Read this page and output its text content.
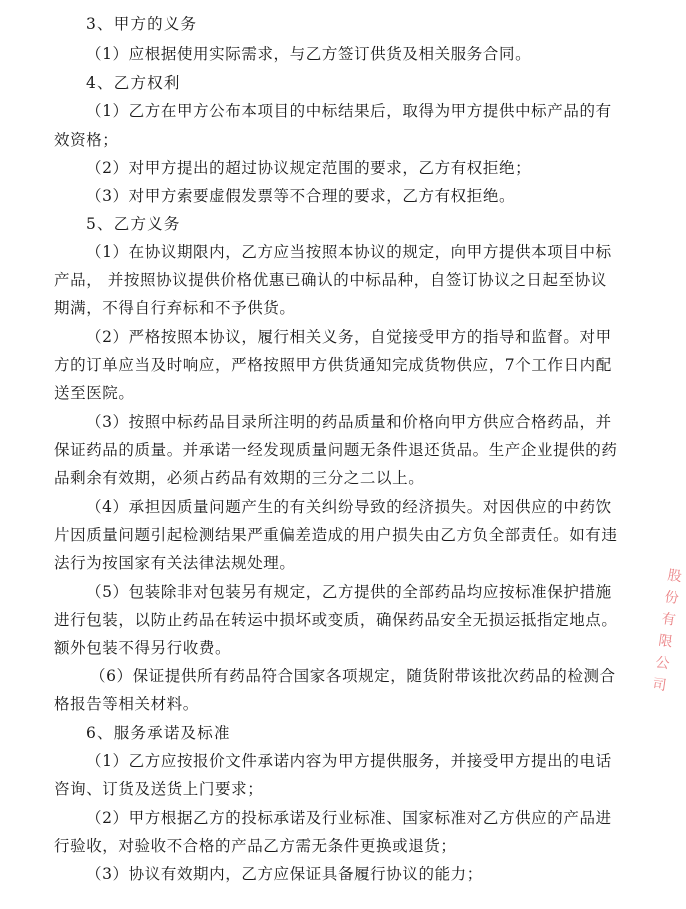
3、甲方的义务
（1）应根据使用实际需求，与乙方签订供货及相关服务合同。
4、乙方权利
（1）乙方在甲方公布本项目的中标结果后，取得为甲方提供中标产品的有
效资格；
（2）对甲方提出的超过协议规定范围的要求，乙方有权拒绝；
（3）对甲方索要虚假发票等不合理的要求，乙方有权拒绝。
5、乙方义务
（1）在协议期限内，乙方应当按照本协议的规定，向甲方提供本项目中标
产品， 并按照协议提供价格优惠已确认的中标品种，自签订协议之日起至协议
期满，不得自行弃标和不予供货。
（2）严格按照本协议，履行相关义务，自觉接受甲方的指导和监督。对甲
方的订单应当及时响应，严格按照甲方供货通知完成货物供应，7个工作日内配
送至医院。
（3）按照中标药品目录所注明的药品质量和价格向甲方供应合格药品，并
保证药品的质量。并承诺一经发现质量问题无条件退还货品。生产企业提供的药
品剩余有效期，必须占药品有效期的三分之二以上。
（4）承担因质量问题产生的有关纠纷导致的经济损失。对因供应的中药饮
片因质量问题引起检测结果严重偏差造成的用户损失由乙方负全部责任。如有违
法行为按国家有关法律法规处理。
（5）包装除非对包装另有规定，乙方提供的全部药品均应按标准保护措施
进行包装，以防止药品在转运中损坏或变质，确保药品安全无损运抵指定地点。
额外包装不得另行收费。
（6）保证提供所有药品符合国家各项规定，随货附带该批次药品的检测合
格报告等相关材料。
6、服务承诺及标准
（1）乙方应按报价文件承诺内容为甲方提供服务，并接受甲方提出的电话
咨询、订货及送货上门要求；
（2）甲方根据乙方的投标承诺及行业标准、国家标准对乙方供应的产品进
行验收，对验收不合格的产品乙方需无条件更换或退货；
（3）协议有效期内，乙方应保证具备履行协议的能力；
股份有限公司
